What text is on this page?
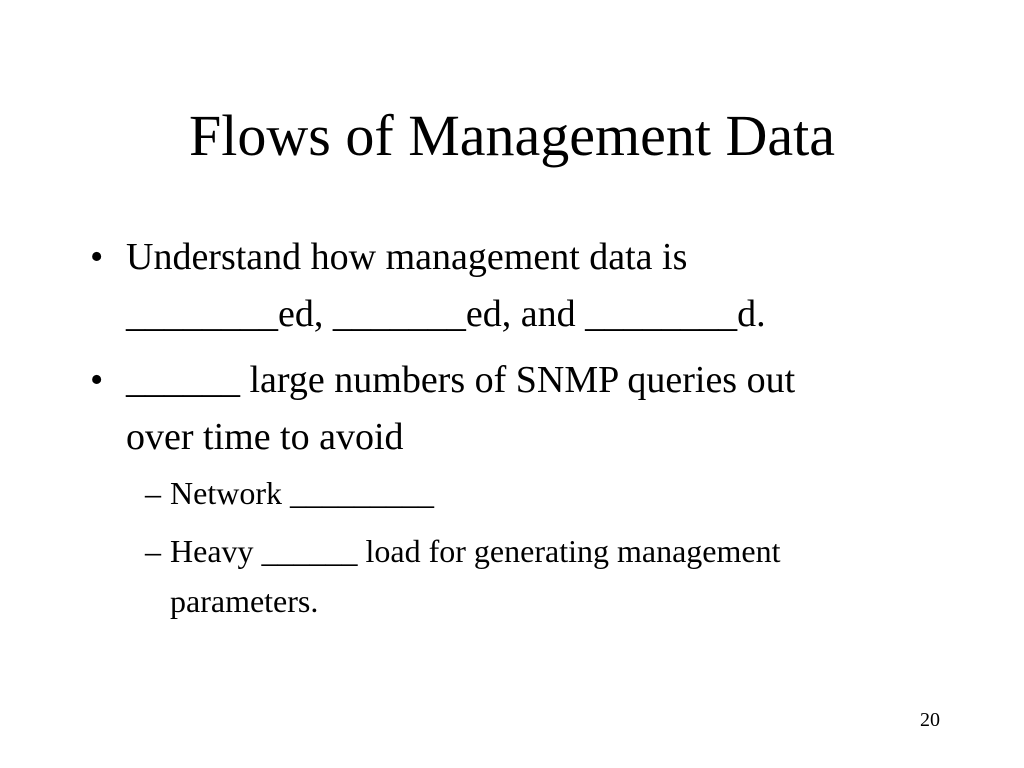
Flows of Management Data
• Understand how management data is
________ed, _______ed, and ________d.
• ______ large numbers of SNMP queries out
over time to avoid
– Network _________
– Heavy ______ load for generating management
parameters.
20
